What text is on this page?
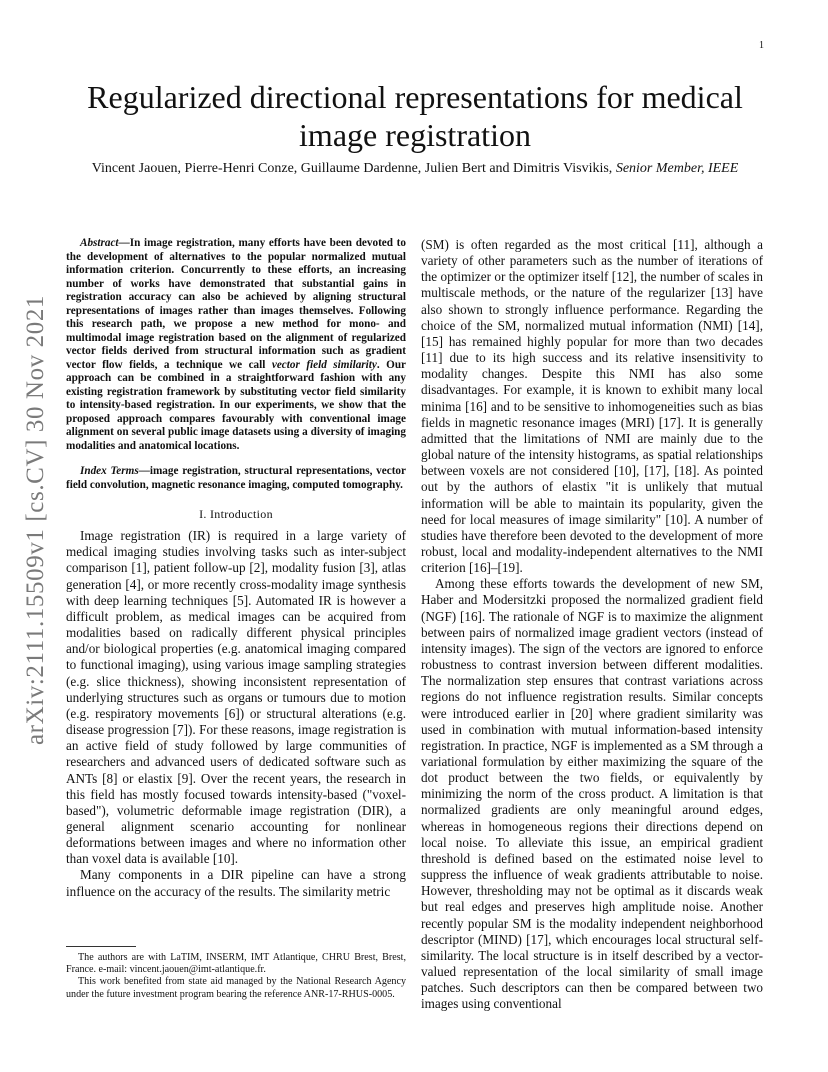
1
arXiv:2111.15509v1 [cs.CV] 30 Nov 2021
Regularized directional representations for medical image registration
Vincent Jaouen, Pierre-Henri Conze, Guillaume Dardenne, Julien Bert and Dimitris Visvikis, Senior Member, IEEE

Abstract—In image registration, many efforts have been devoted to the development of alternatives to the popular normalized mutual information criterion. Concurrently to these efforts, an increasing number of works have demonstrated that substantial gains in registration accuracy can also be achieved by aligning structural representations of images rather than images themselves. Following this research path, we propose a new method for mono- and multimodal image registration based on the alignment of regularized vector fields derived from structural information such as gradient vector flow fields, a technique we call vector field similarity. Our approach can be combined in a straightforward fashion with any existing registration framework by substituting vector field similarity to intensity-based registration. In our experiments, we show that the proposed approach compares favourably with conventional image alignment on several public image datasets using a diversity of imaging modalities and anatomical locations.

Index Terms—image registration, structural representations, vector field convolution, magnetic resonance imaging, computed tomography.

I. Introduction

Image registration (IR) is required in a large variety of medical imaging studies involving tasks such as inter-subject comparison [1], patient follow-up [2], modality fusion [3], atlas generation [4], or more recently cross-modality image synthesis with deep learning techniques [5]. Automated IR is however a difficult problem, as medical images can be acquired from modalities based on radically different physical principles and/or biological properties (e.g. anatomical imaging compared to functional imaging), using various image sampling strategies (e.g. slice thickness), showing inconsistent representation of underlying structures such as organs or tumours due to motion (e.g. respiratory movements [6]) or structural alterations (e.g. disease progression [7]). For these reasons, image registration is an active field of study followed by large communities of researchers and advanced users of dedicated software such as ANTs [8] or elastix [9]. Over the recent years, the research in this field has mostly focused towards intensity-based ("voxel-based"), volumetric deformable image registration (DIR), a general alignment scenario accounting for nonlinear deformations between images and where no information other than voxel data is available [10].

Many components in a DIR pipeline can have a strong influence on the accuracy of the results. The similarity metric

The authors are with LaTIM, INSERM, IMT Atlantique, CHRU Brest, Brest, France. e-mail: vincent.jaouen@imt-atlantique.fr.

This work benefited from state aid managed by the National Research Agency under the future investment program bearing the reference ANR-17-RHUS-0005.

(SM) is often regarded as the most critical [11], although a variety of other parameters such as the number of iterations of the optimizer or the optimizer itself [12], the number of scales in multiscale methods, or the nature of the regularizer [13] have also shown to strongly influence performance. Regarding the choice of the SM, normalized mutual information (NMI) [14], [15] has remained highly popular for more than two decades [11] due to its high success and its relative insensitivity to modality changes. Despite this NMI has also some disadvantages. For example, it is known to exhibit many local minima [16] and to be sensitive to inhomogeneities such as bias fields in magnetic resonance images (MRI) [17]. It is generally admitted that the limitations of NMI are mainly due to the global nature of the intensity histograms, as spatial relationships between voxels are not considered [10], [17], [18]. As pointed out by the authors of elastix "it is unlikely that mutual information will be able to maintain its popularity, given the need for local measures of image similarity" [10]. A number of studies have therefore been devoted to the development of more robust, local and modality-independent alternatives to the NMI criterion [16]–[19].

Among these efforts towards the development of new SM, Haber and Modersitzki proposed the normalized gradient field (NGF) [16]. The rationale of NGF is to maximize the alignment between pairs of normalized image gradient vectors (instead of intensity images). The sign of the vectors are ignored to enforce robustness to contrast inversion between different modalities. The normalization step ensures that contrast variations across regions do not influence registration results. Similar concepts were introduced earlier in [20] where gradient similarity was used in combination with mutual information-based intensity registration. In practice, NGF is implemented as a SM through a variational formulation by either maximizing the square of the dot product between the two fields, or equivalently by minimizing the norm of the cross product. A limitation is that normalized gradients are only meaningful around edges, whereas in homogeneous regions their directions depend on local noise. To alleviate this issue, an empirical gradient threshold is defined based on the estimated noise level to suppress the influence of weak gradients attributable to noise. However, thresholding may not be optimal as it discards weak but real edges and preserves high amplitude noise. Another recently popular SM is the modality independent neighborhood descriptor (MIND) [17], which encourages local structural self-similarity. The local structure is in itself described by a vector-valued representation of the local similarity of small image patches. Such descriptors can then be compared between two images using conventional
